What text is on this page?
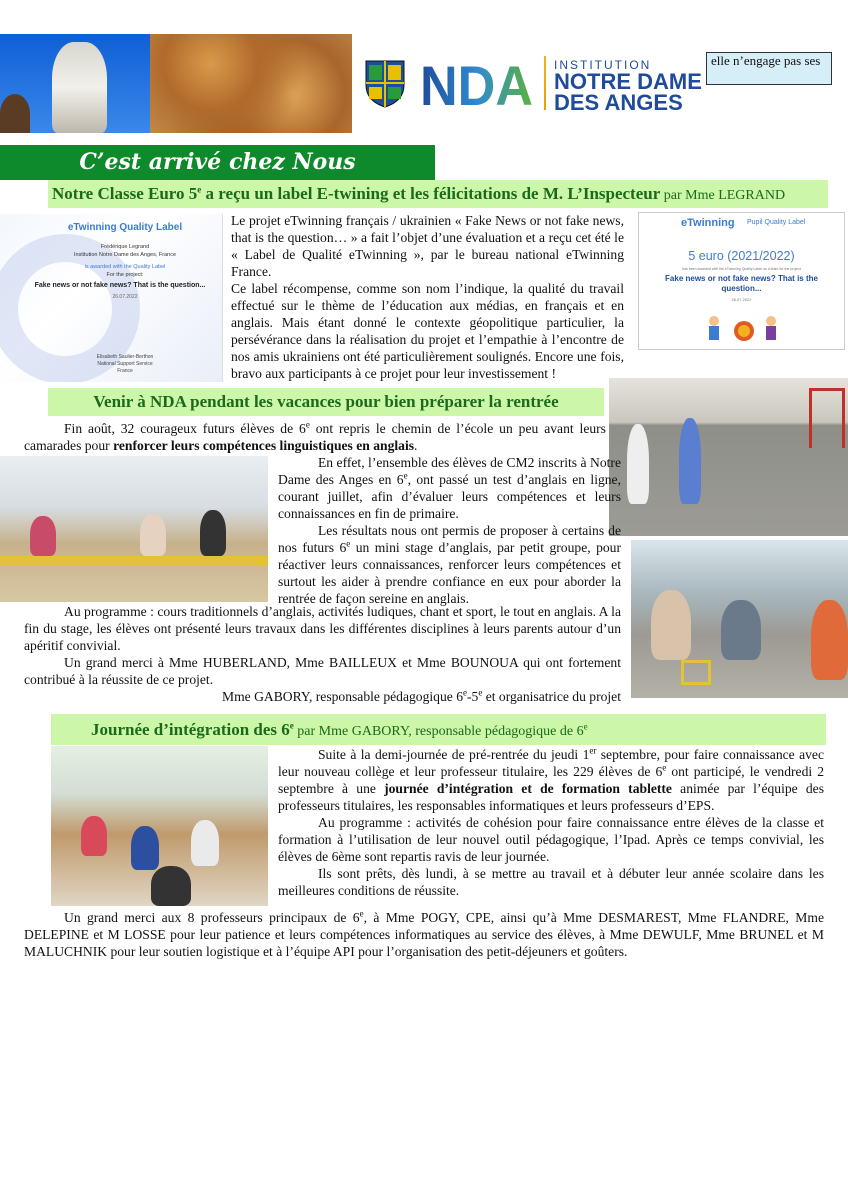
NDA INSTITUTION
NOTRE DAME
DES ANGES
elle n’engage pas ses
C’est arrivé chez Nous
Notre Classe Euro 5e a reçu un label E-twining et les félicitations de M. L’Inspecteur par Mme LEGRAND
eTwinning Quality Label
Frédérique Legrand
Institution Notre Dame des Anges, France
is awarded with the Quality Label
For the project:
Fake news or not fake news? That is the question...
26.07.2022
Elisabeth Saulier-Berthon
National Support Service
France

Le projet eTwinning français / ukrainien « Fake News or not fake news, that is the question… » a fait l’objet d’une évaluation et a reçu cet été le « Label de Qualité eTwinning », par le bureau national eTwinning France.

Ce label récompense, comme son nom l’indique, la qualité du travail effectué sur le thème de l’éducation aux médias, en français et en anglais. Mais étant donné le contexte géopolitique particulier, la persévérance dans la réalisation du projet et l’empathie à l’encontre de nos amis ukrainiens ont été particulièrement soulignés. Encore une fois, bravo aux participants à ce projet pour leur investissement !

eTwinning Pupil Quality Label
5 euro (2021/2022)
has been awarded with the eTwinning Quality Label as a team for the project
Fake news or not fake news? That is the question...
26.07.2022
Venir à NDA pendant les vacances pour bien préparer la rentrée
Fin août, 32 courageux futurs élèves de 6e ont repris le chemin de l’école un peu avant leurs camarades pour renforcer leurs compétences linguistiques en anglais.
En effet, l’ensemble des élèves de CM2 inscrits à Notre Dame des Anges en 6e, ont passé un test d’anglais en ligne, courant juillet, afin d’évaluer leurs compétences et leurs connaissances en fin de primaire.
Les résultats nous ont permis de proposer à certains de nos futurs 6e un mini stage d’anglais, par petit groupe, pour réactiver leurs connaissances, renforcer leurs compétences et surtout les aider à prendre confiance en eux pour aborder la rentrée de façon sereine en anglais.

Au programme : cours traditionnels d’anglais, activités ludiques, chant et sport, le tout en anglais. A la fin du stage, les élèves ont présenté leurs travaux dans les différentes disciplines à leurs parents autour d’un apéritif convivial.

Un grand merci à Mme HUBERLAND, Mme BAILLEUX et Mme BOUNOUA qui ont fortement contribué à la réussite de ce projet.

Mme GABORY, responsable pédagogique 6e-5e et organisatrice du projet

Journée d’intégration des 6e par Mme GABORY, responsable pédagogique de 6e

Suite à la demi-journée de pré-rentrée du jeudi 1er septembre, pour faire connaissance avec leur nouveau collège et leur professeur titulaire, les 229 élèves de 6e ont participé, le vendredi 2 septembre à une journée d’intégration et de formation tablette animée par l’équipe des professeurs titulaires, les responsables informatiques et leurs professeurs d’EPS.

Au programme : activités de cohésion pour faire connaissance entre élèves de la classe et formation à l’utilisation de leur nouvel outil pédagogique, l’Ipad. Après ce temps convivial, les élèves de 6ème sont repartis ravis de leur journée.

Ils sont prêts, dès lundi, à se mettre au travail et à débuter leur année scolaire dans les meilleures conditions de réussite.

Un grand merci aux 8 professeurs principaux de 6e, à Mme POGY, CPE, ainsi qu’à Mme DESMAREST, Mme FLANDRE, Mme DELEPINE et M LOSSE pour leur patience et leurs compétences informatiques au service des élèves, à Mme DEWULF, Mme BRUNEL et M MALUCHNIK pour leur soutien logistique et à l’équipe API pour l’organisation des petit-déjeuners et goûters.
